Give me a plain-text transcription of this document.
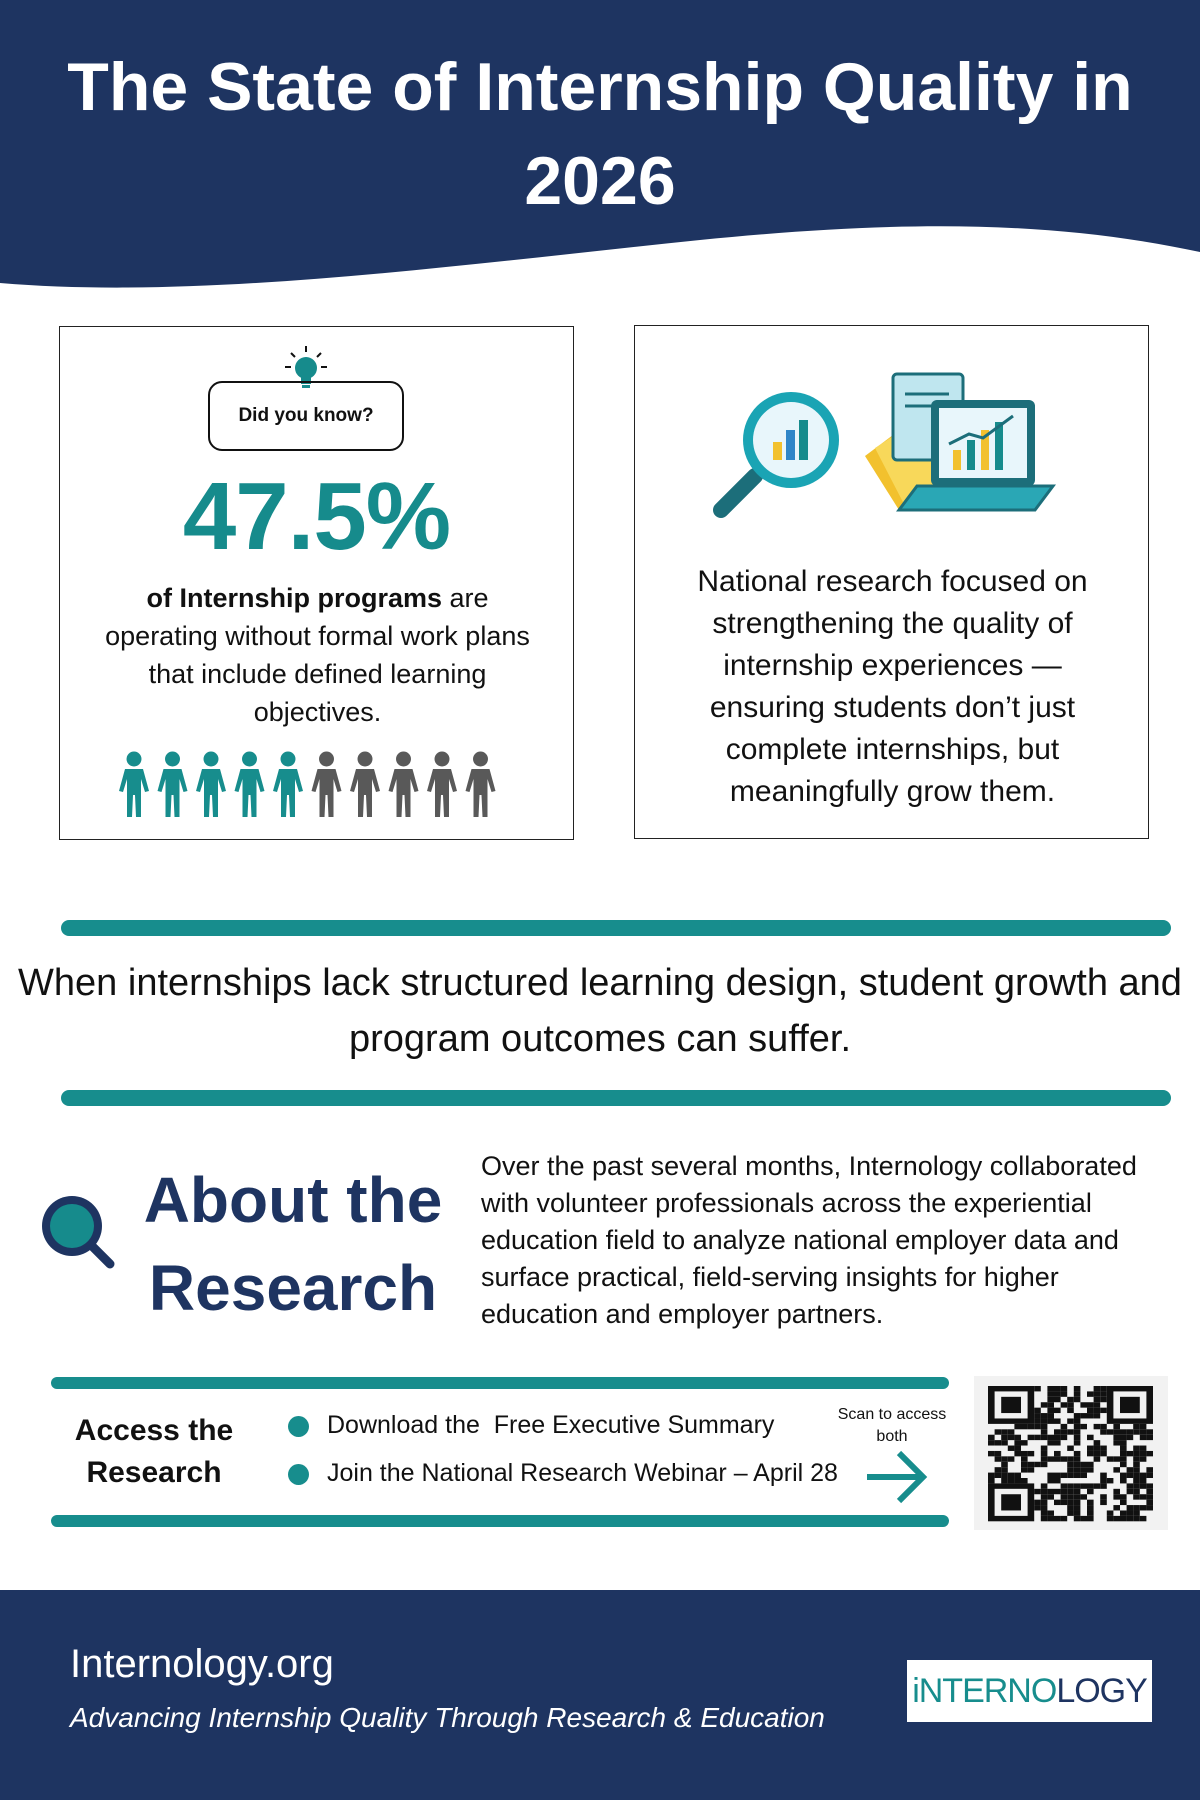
The State of Internship Quality in 2026
Did you know?
47.5%
of Internship programs are operating without formal work plans that include defined learning objectives.
National research focused on strengthening the quality of internship experiences — ensuring students don’t just complete internships, but meaningfully grow them.
When internships lack structured learning design, student growth and program outcomes can suffer.
About the Research
Over the past several months, Internology collaborated with volunteer professionals across the experiential education field to analyze national employer data and surface practical, field-serving insights for higher education and employer partners.
Access the Research
Download the  Free Executive Summary
Join the National Research Webinar – April 28
Scan to access both
Internology.org
Advancing Internship Quality Through Research & Education
iNTERNOLOGY
